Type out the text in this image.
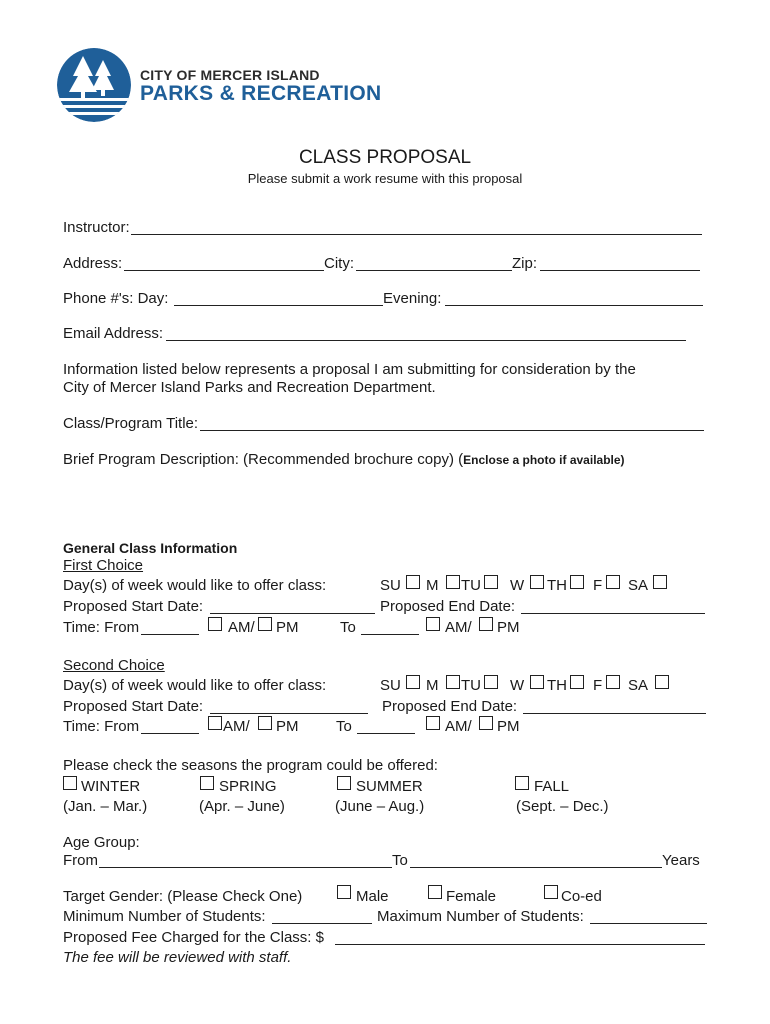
CITY OF MERCER ISLAND
PARKS & RECREATION
CLASS PROPOSAL
Please submit a work resume with this proposal
Instructor:
Address:	City:	Zip:
Phone #'s: Day:	Evening:
Email Address:
Information listed below represents a proposal I am submitting for consideration by the
City of Mercer Island Parks and Recreation Department.
Class/Program Title:
Brief Program Description: (Recommended brochure copy) (Enclose a photo if available)
General Class Information
First Choice
Day(s) of week would like to offer class:	SU M TU W TH F SA
Proposed Start Date:	Proposed End Date:
Time: From	AM/ PM	To	AM/ PM
Second Choice
Day(s) of week would like to offer class:	SU M TU W TH F SA
Proposed Start Date:	Proposed End Date:
Time: From	AM/ PM	To	AM/ PM
Please check the seasons the program could be offered:
WINTER
(Jan. – Mar.)
SPRING
(Apr. – June)
SUMMER
(June – Aug.)
FALL
(Sept. – Dec.)
Age Group:
From	To	Years
Target Gender: (Please Check One)	Male	Female	Co-ed
Minimum Number of Students:	Maximum Number of Students:
Proposed Fee Charged for the Class: $
The fee will be reviewed with staff.
